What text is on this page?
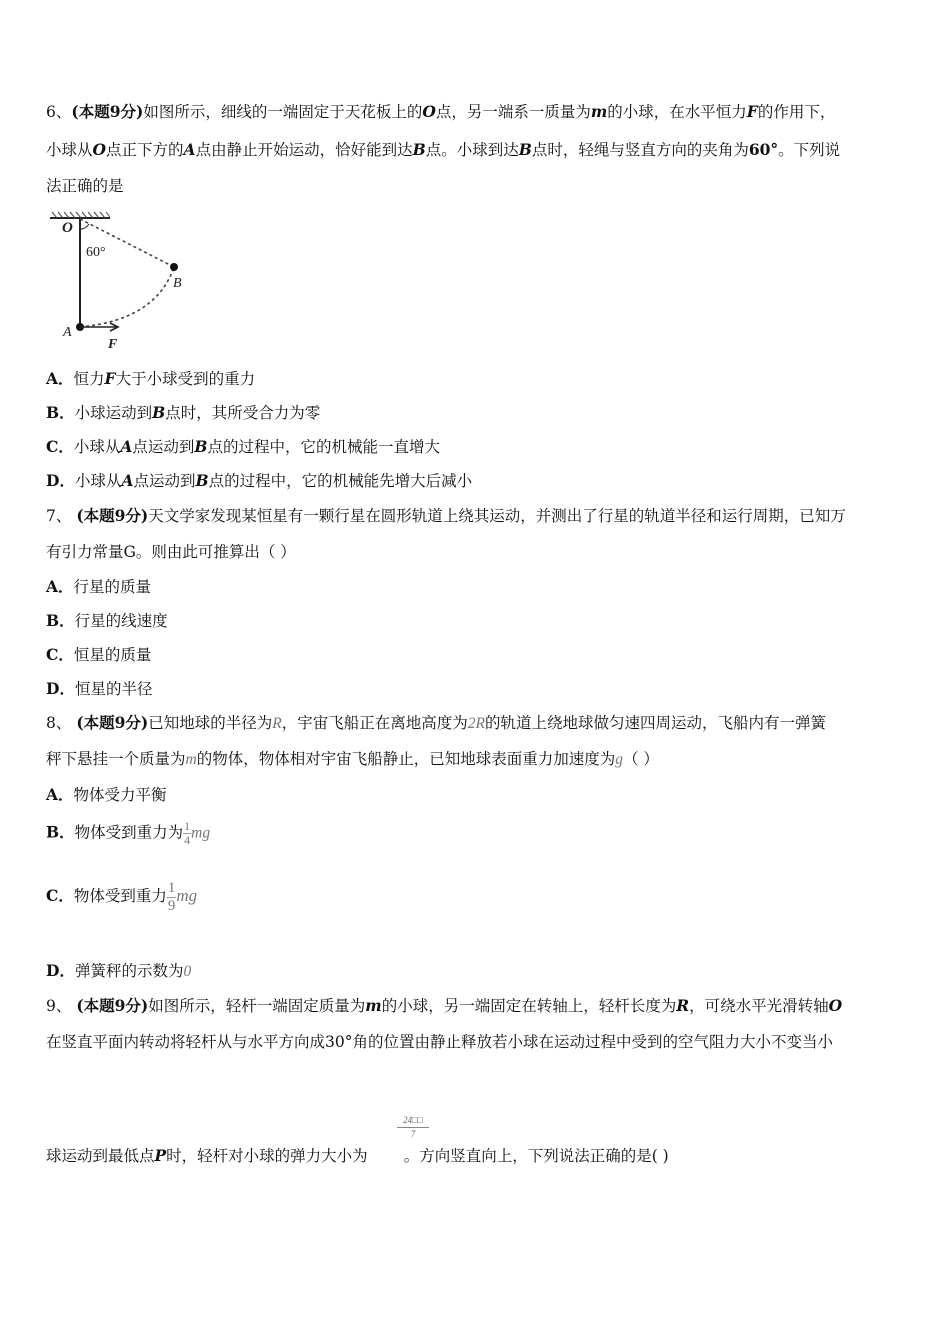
6、(本题9分)如图所示，细线的一端固定于天花板上的O点，另一端系一质量为m的小球，在水平恒力F的作用下，
小球从O点正下方的A点由静止开始运动，恰好能到达B点。小球到达B点时，轻绳与竖直方向的夹角为60°。下列说
法正确的是
O
60°
B
A
F
A．恒力F大于小球受到的重力
B．小球运动到B点时，其所受合力为零
C．小球从A点运动到B点的过程中，它的机械能一直增大
D．小球从A点运动到B点的过程中，它的机械能先增大后减小
7、 (本题9分)天文学家发现某恒星有一颗行星在圆形轨道上绕其运动，并测出了行星的轨道半径和运行周期，已知万
有引力常量G。则由此可推算出（ ）
A．行星的质量
B．行星的线速度
C．恒星的质量
D．恒星的半径
8、 (本题9分)已知地球的半径为R，宇宙飞船正在离地高度为2R的轨道上绕地球做匀速四周运动，飞船内有一弹簧
秤下悬挂一个质量为m的物体，物体相对宇宙飞船静止，已知地球表面重力加速度为g（ ）
A．物体受力平衡
B．物体受到重力为 $\frac{1}{4}$ mg
C．物体受到重力 $\frac{1}{9}$ mg
D．弹簧秤的示数为0
9、 (本题9分)如图所示，轻杆一端固定质量为m的小球，另一端固定在转轴上，轻杆长度为R，可绕水平光滑转轴O
在竖直平面内转动将轻杆从与水平方向成30°角的位置由静止释放若小球在运动过程中受到的空气阻力大小不变当小
24□□
7
球运动到最低点P时，轻杆对小球的弹力大小为 。方向竖直向上，下列说法正确的是( )
